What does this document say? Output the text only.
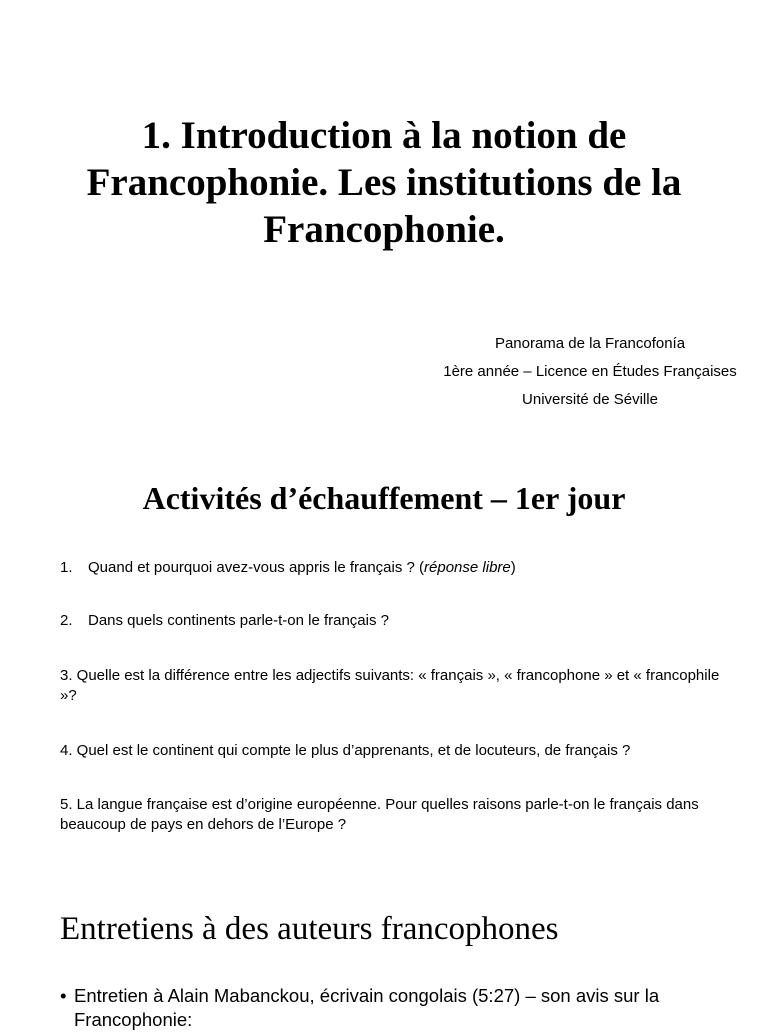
1. Introduction à la notion de Francophonie. Les institutions de la Francophonie.
Panorama de la Francofonía
1ère année – Licence en Études Françaises
Université de Séville
Activités d’échauffement – 1er jour

1. Quand et pourquoi avez-vous appris le français ? (réponse libre)

2. Dans quels continents parle-t-on le français ?

3. Quelle est la différence entre les adjectifs suivants: « français », « francophone » et « francophile »?

4. Quel est le continent qui compte le plus d’apprenants, et de locuteurs, de français ?

5. La langue française est d’origine européenne. Pour quelles raisons parle-t-on le français dans beaucoup de pays en dehors de l’Europe ?

Entretiens à des auteurs francophones

• Entretien à Alain Mabanckou, écrivain congolais (5:27) – son avis sur la Francophonie:
